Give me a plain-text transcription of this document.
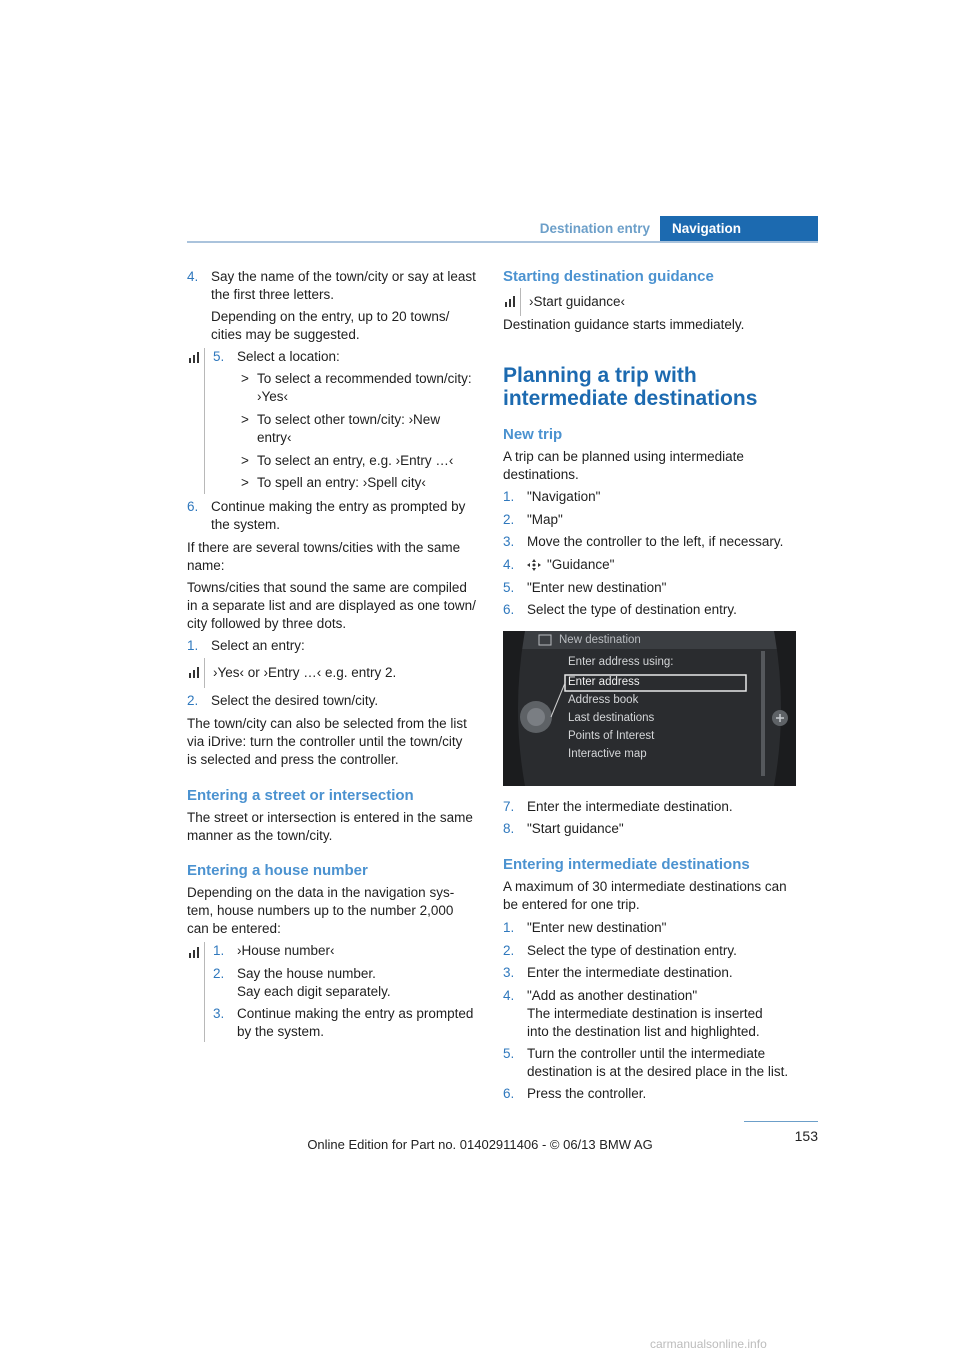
Destination entry	Navigation
4. Say the name of the town/city or say at least
the first three letters.
Depending on the entry, up to 20 towns/
cities may be suggested.
5. Select a location:
> To select a recommended town/city:
›Yes‹
> To select other town/city: ›New
entry‹
> To select an entry, e.g. ›Entry …‹
> To spell an entry: ›Spell city‹
6. Continue making the entry as prompted by
the system.

If there are several towns/cities with the same

name:

Towns/cities that sound the same are compiled

in a separate list and are displayed as one town/

city followed by three dots.

1. Select an entry:

›Yes‹ or ›Entry …‹ e.g. entry 2.

2. Select the desired town/city.

The town/city can also be selected from the list

via iDrive: turn the controller until the town/city

is selected and press the controller.

Entering a street or intersection

The street or intersection is entered in the same

manner as the town/city.

Entering a house number

Depending on the data in the navigation sys-

tem, house numbers up to the number 2,000

can be entered:

1. ›House number‹
2. Say the house number.
Say each digit separately.
3. Continue making the entry as prompted
by the system.
Starting destination guidance

›Start guidance‹

Destination guidance starts immediately.

Planning a trip with
intermediate destinations
New trip

A trip can be planned using intermediate

destinations.

1. "Navigation"
2. "Map"
3. Move the controller to the left, if necessary.
4. "Guidance"
5. "Enter new destination"
6. Select the type of destination entry.
New destination
Enter address using:
Enter address
Address book
Last destinations
Points of Interest
Interactive map
7. Enter the intermediate destination.
8. "Start guidance"
Entering intermediate destinations

A maximum of 30 intermediate destinations can

be entered for one trip.

1. "Enter new destination"
2. Select the type of destination entry.
3. Enter the intermediate destination.
4. "Add as another destination"
The intermediate destination is inserted
into the destination list and highlighted.
5. Turn the controller until the intermediate
destination is at the desired place in the list.
6. Press the controller.
153
Online Edition for Part no. 01402911406 - © 06/13 BMW AG
carmanualsonline.info
